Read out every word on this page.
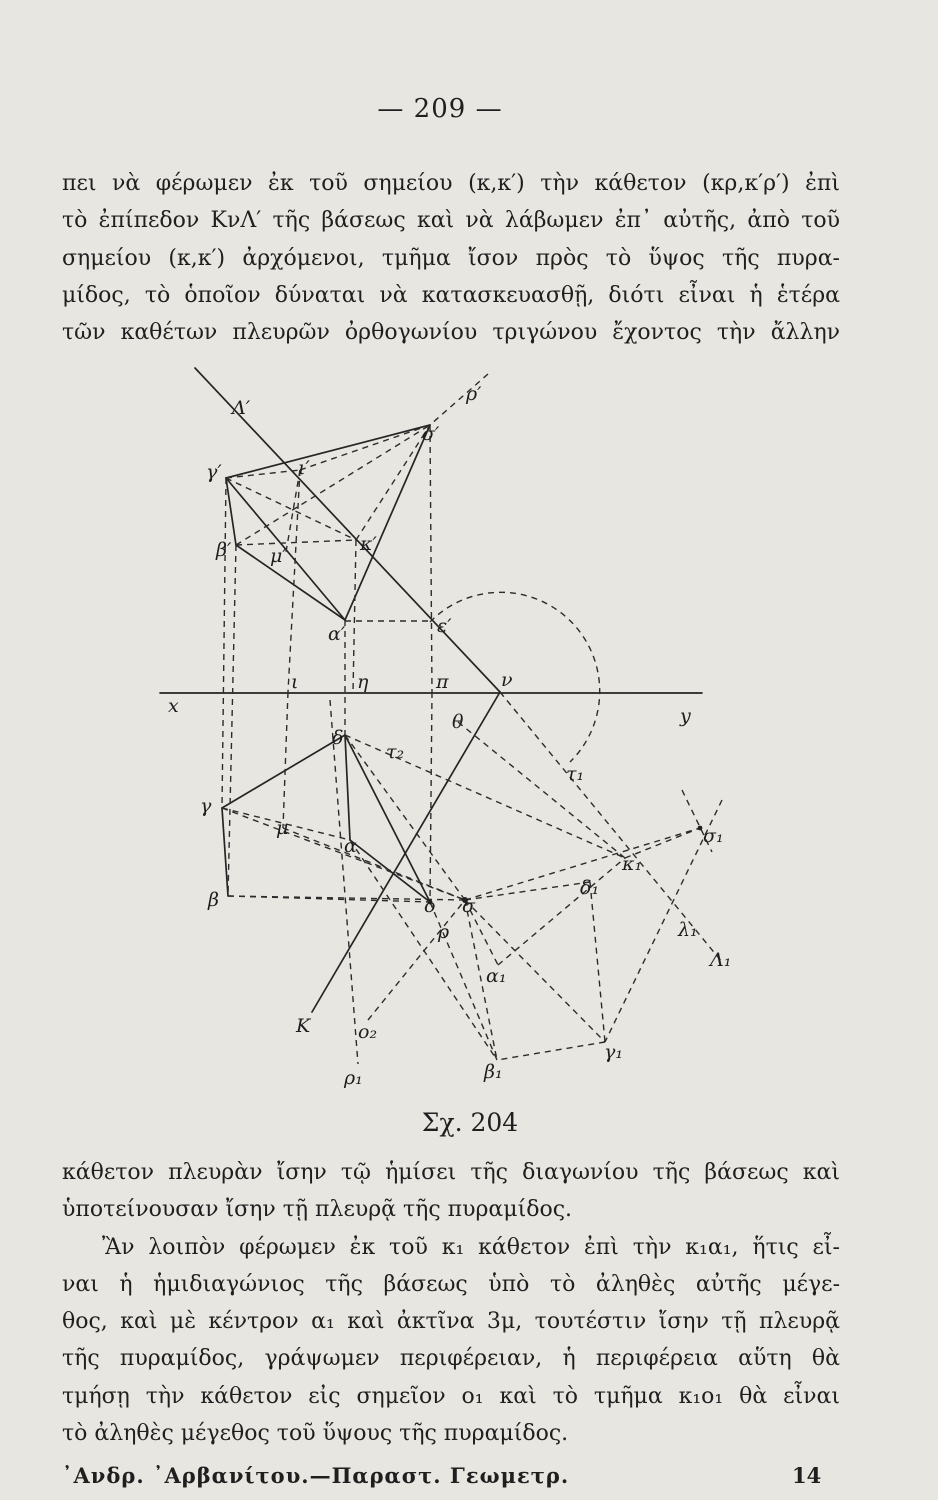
— 209 —
πει νὰ φέρωμεν ἐκ τοῦ σημείου (κ,κ′) τὴν κάθετον (κρ,κ′ρ′) ἐπὶ
τὸ ἐπίπεδον ΚνΛ′ τῆς βάσεως καὶ νὰ λάβωμεν ἐπ᾽ αὐτῆς, ἀπὸ τοῦ
σημείου (κ,κ′) ἀρχόμενοι, τμῆμα ἴσον πρὸς τὸ ὕψος τῆς πυρα-
μίδος, τὸ ὁποῖον δύναται νὰ κατασκευασθῇ, διότι εἶναι ἡ ἑτέρα
τῶν καθέτων πλευρῶν ὀρθογωνίου τριγώνου ἔχοντος τὴν ἄλλην
Λ′
ρ′
σ′
γ′	ι′
β′ μ′
κ′
α′	ε′
x	y
ι	η	π	ν
δ
τ₂
θ
τ₁
γ
μ
α
κ₁
σ₁
δ₁
β	ο σ
ρ	λ₁
Λ₁
α₁
Κ	ο₂
γ₁
ρ₁	β₁
Σχ. 204
κάθετον πλευρὰν ἴσην τῷ ἡμίσει τῆς διαγωνίου τῆς βάσεως καὶ
ὑποτείνουσαν ἴσην τῇ πλευρᾷ τῆς πυραμίδος.
Ἂν λοιπὸν φέρωμεν ἐκ τοῦ κ₁ κάθετον ἐπὶ τὴν κ₁α₁, ἥτις εἶ-
ναι ἡ ἡμιδιαγώνιος τῆς βάσεως ὑπὸ τὸ ἀληθὲς αὐτῆς μέγε-
θος, καὶ μὲ κέντρον α₁ καὶ ἀκτῖνα 3μ, τουτέστιν ἴσην τῇ πλευρᾷ
τῆς πυραμίδος, γράψωμεν περιφέρειαν, ἡ περιφέρεια αὕτη θὰ
τμήσῃ τὴν κάθετον εἰς σημεῖον ο₁ καὶ τὸ τμῆμα κ₁ο₁ θὰ εἶναι
τὸ ἀληθὲς μέγεθος τοῦ ὕψους τῆς πυραμίδος.
᾽Ανδρ. ᾽Αρβανίτου.—Παραστ. Γεωμετρ.	14
